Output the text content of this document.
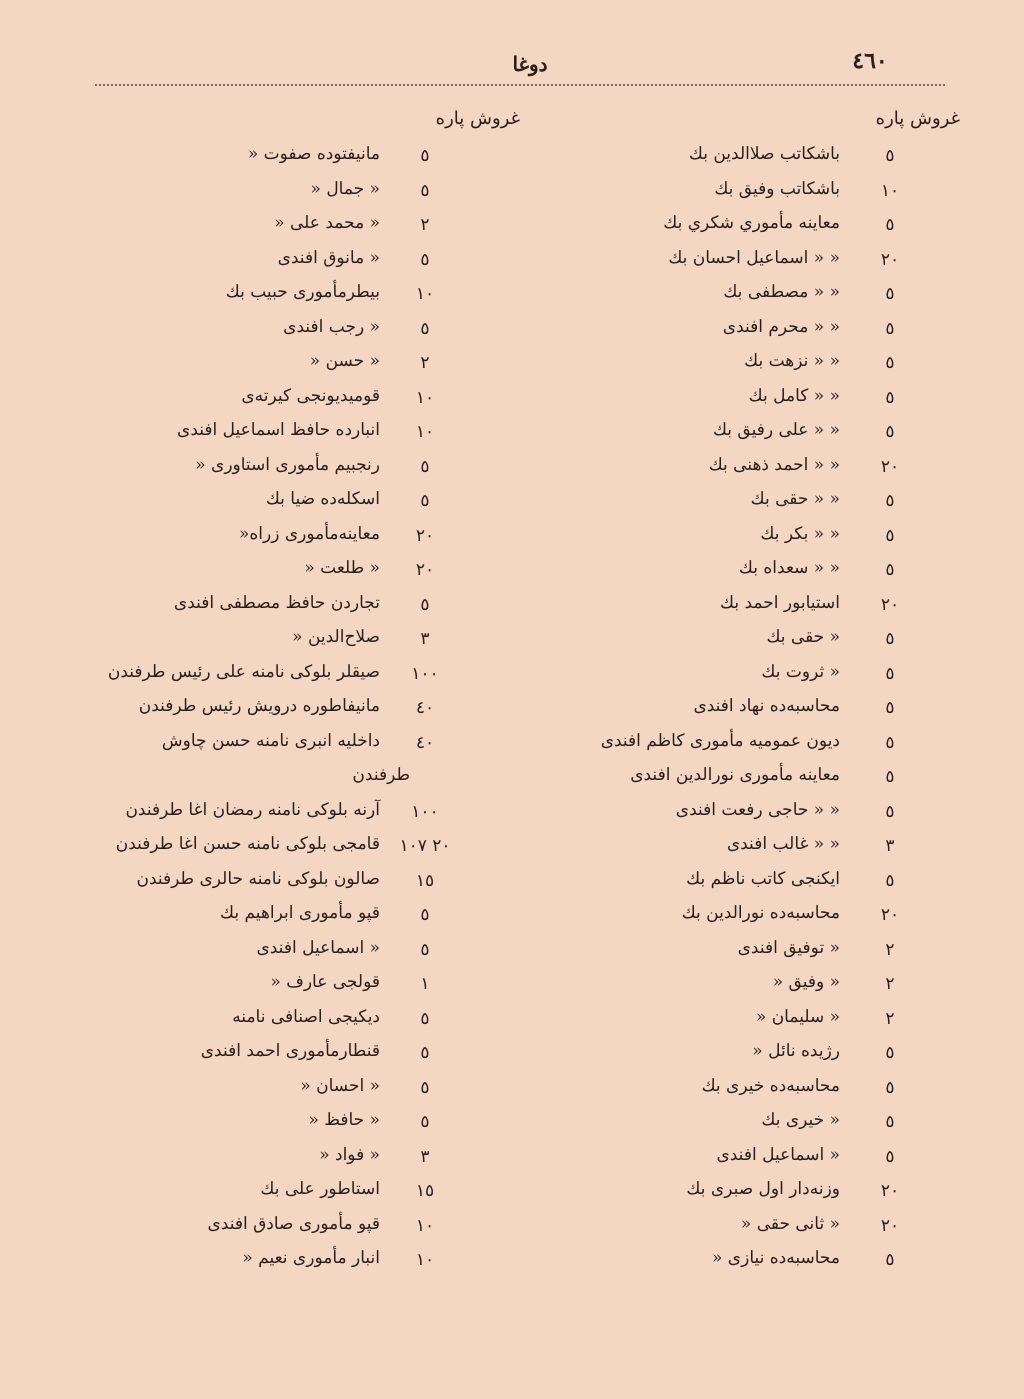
٤٦٠
دوغا
غروش پاره
غروش پاره
٥
باشكاتب صلاالدين بك
١٠
باشكاتب وفيق بك
٥
معاينه مأموري شكري بك
٢٠
« « اسماعيل احسان بك
٥
« « مصطفى بك
٥
« « محرم افندى
٥
« « نزهت بك
٥
« « كامل بك
٥
« « على رفيق بك
٢٠
« « احمد ذهنى بك
٥
« « حقى بك
٥
« « بكر بك
٥
« « سعداه بك
٢٠
استيابور احمد بك
٥
« حقى بك
٥
« ثروت بك
٥
محاسبه‌ده نهاد افندى
٥
ديون عموميه مأمورى كاظم افندى
٥
معاينه مأمورى نورالدين افندى
٥
« « حاجى رفعت افندى
٣
« « غالب افندى
٥
ايكنجى كاتب ناظم بك
٢٠
محاسبه‌ده نورالدين بك
٢
« توفيق افندى
٢
« وفيق «
٢
« سليمان «
٥
رژيده نائل «
٥
محاسبه‌ده خيرى بك
٥
« خيرى بك
٥
« اسماعيل افندى
٢٠
وزنه‌دار اول صبرى بك
٢٠
« ثانى حقى «
٥
محاسبه‌ده نيازى «
٥
مانيفتوده صفوت «
٥
« جمال «
٢
« محمد على «
٥
« مانوق افندى
١٠
بيطرمأمورى حبيب بك
٥
« رجب افندى
٢
« حسن «
١٠
قوميديونجى كيرته‌ى
١٠
انبارده حافظ اسماعيل افندى
٥
رنجبيم مأمورى استاورى «
٥
اسكله‌ده ضيا بك
٢٠
معاينه‌مأمورى زراه«
٢٠
« طلعت «
٥
تجاردن حافظ مصطفى افندى
٣
صلاح‌الدين «
١٠٠
صيقلر بلوكى نامنه على رئيس طرفندن
٤٠
مانيفاطوره درويش رئيس طرفندن
٤٠
داخليه انبرى نامنه حسن چاوش
طرفندن
١٠٠
آرنه بلوكى نامنه رمضان اغا طرفندن
٢٠ ١٠٧
قامجى بلوكى نامنه حسن اغا طرفندن
١٥
صالون بلوكى نامنه حالرى طرفندن
٥
قپو مأمورى ابراهيم بك
٥
« اسماعيل افندى
١
قولجى عارف «
٥
ديكيجى اصنافى نامنه
٥
قنطارمأمورى احمد افندى
٥
« احسان «
٥
« حافظ «
٣
« فواد «
١٥
استاطور على بك
١٠
قپو مأمورى صادق افندى
١٠
انبار مأمورى نعيم «
